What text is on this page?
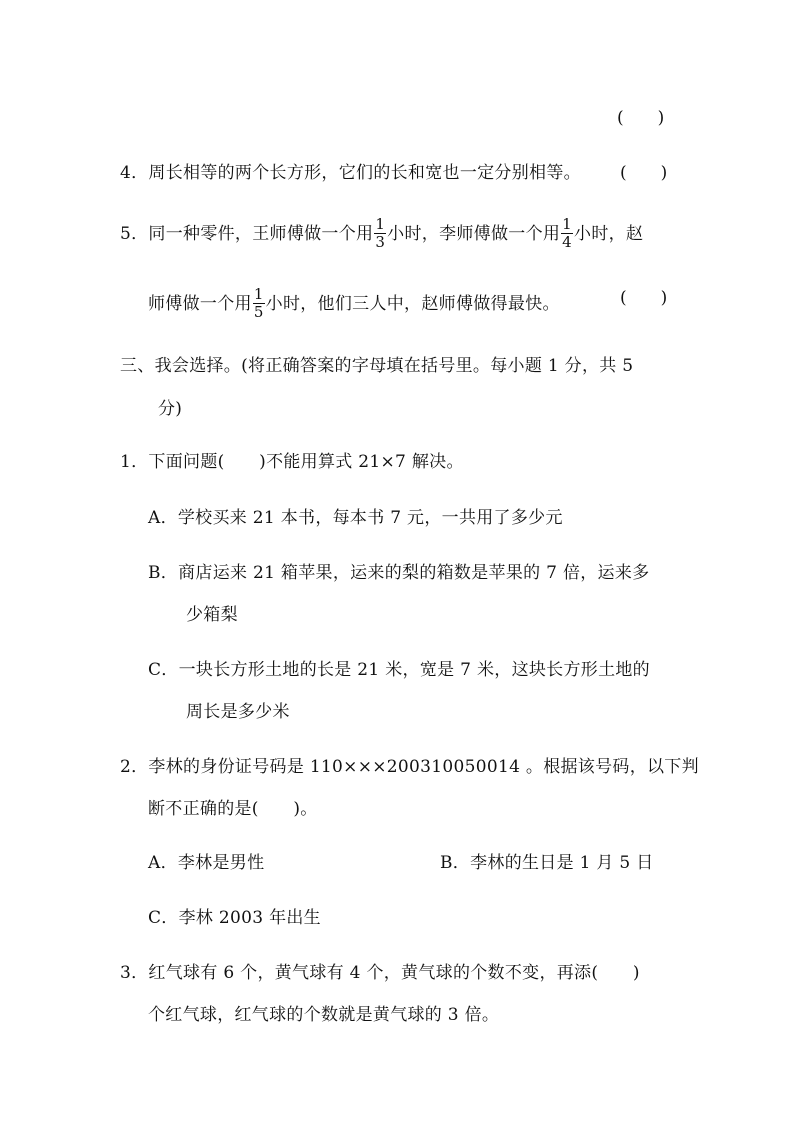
(　　)
4．周长相等的两个长方形，它们的长和宽也一定分别相等。 (　　)
5．同一种零件，王师傅做一个用 $\frac{1}{3}$ 小时，李师傅做一个用 $\frac{1}{4}$ 小时，赵
师傅做一个用 $\frac{1}{5}$ 小时，他们三人中，赵师傅做得最快。	(　　)
三、我会选择。(将正确答案的字母填在括号里。每小题 1 分，共 5
分)
1．下面问题(　　)不能用算式 21×7 解决。
A．学校买来 21 本书，每本书 7 元，一共用了多少元
B．商店运来 21 箱苹果，运来的梨的箱数是苹果的 7 倍，运来多
少箱梨
C．一块长方形土地的长是 21 米，宽是 7 米，这块长方形土地的
周长是多少米
2．李林的身份证号码是 110×××200310050014 。根据该号码，以下判
断不正确的是(　　)。
A．李林是男性	B．李林的生日是 1 月 5 日
C．李林 2003 年出生
3．红气球有 6 个，黄气球有 4 个，黄气球的个数不变，再添(　　)
个红气球，红气球的个数就是黄气球的 3 倍。
